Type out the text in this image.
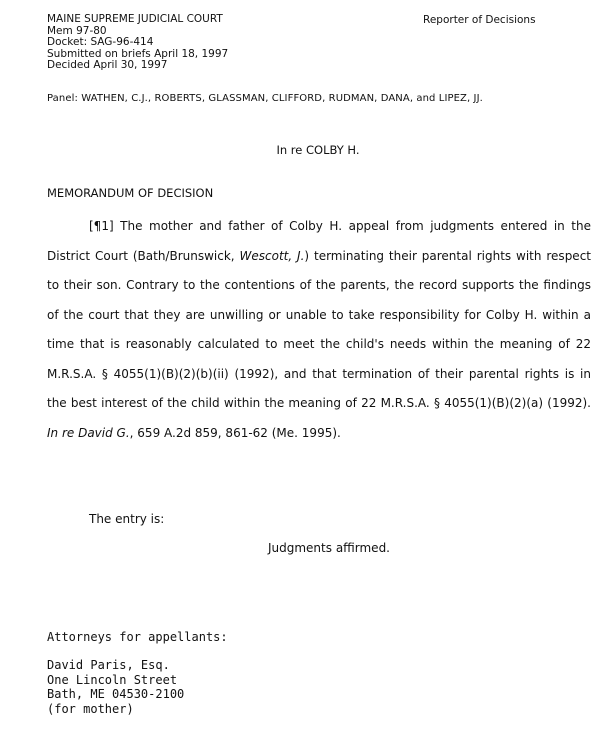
MAINE SUPREME JUDICIAL COURT
Mem 97-80
Docket: SAG-96-414
Submitted on briefs April 18, 1997
Decided April 30, 1997
Reporter of Decisions
Panel: WATHEN, C.J., ROBERTS, GLASSMAN, CLIFFORD, RUDMAN, DANA, and LIPEZ, JJ.
In re COLBY H.
MEMORANDUM OF DECISION

[¶1] The mother and father of Colby H. appeal from judgments entered in the District Court (Bath/Brunswick, Wescott, J.) terminating their parental rights with respect to their son. Contrary to the contentions of the parents, the record supports the findings of the court that they are unwilling or unable to take responsibility for Colby H. within a time that is reasonably calculated to meet the child's needs within the meaning of 22 M.R.S.A. § 4055(1)(B)(2)(b)(ii) (1992), and that termination of their parental rights is in the best interest of the child within the meaning of 22 M.R.S.A. § 4055(1)(B)(2)(a) (1992). In re David G., 659 A.2d 859, 861-62 (Me. 1995).

The entry is:
Judgments affirmed.
Attorneys for appellants:
David Paris, Esq.
One Lincoln Street
Bath, ME 04530-2100
(for mother)
